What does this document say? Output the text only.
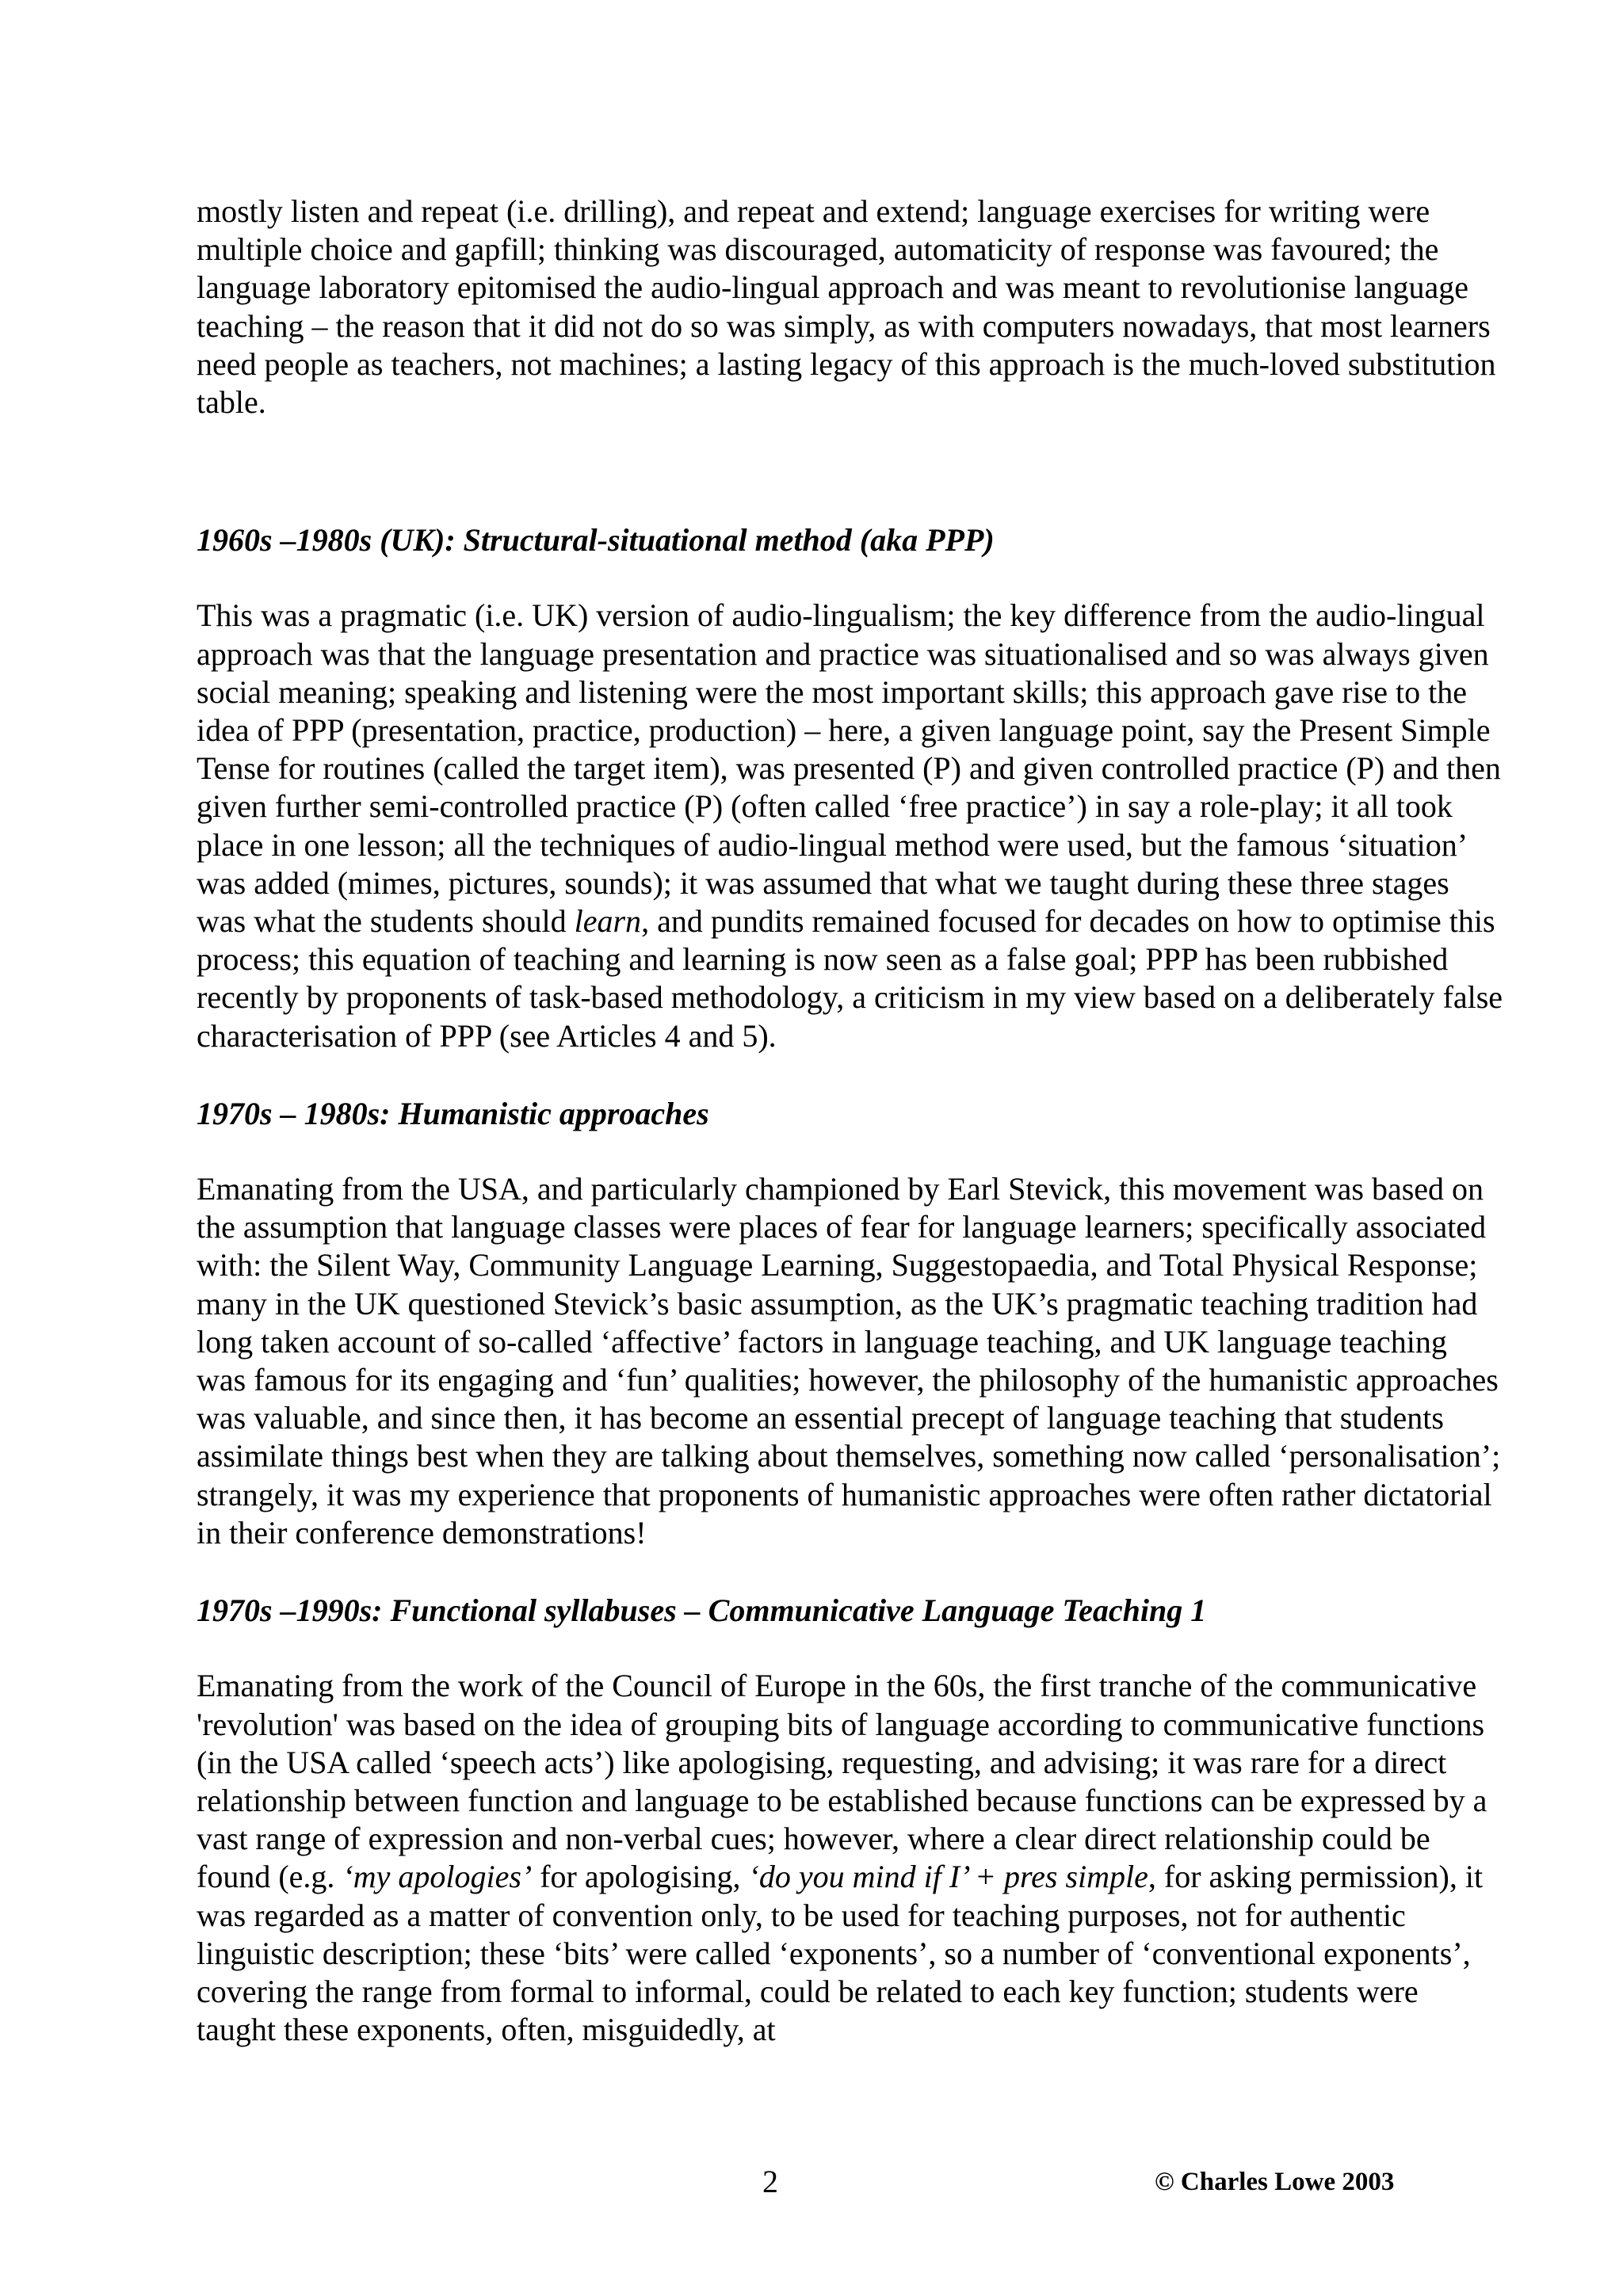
mostly listen and repeat (i.e. drilling), and repeat and extend; language exercises for writing were multiple choice and gapfill; thinking was discouraged, automaticity of response was favoured; the language laboratory epitomised the audio-lingual approach and was meant to revolutionise language teaching – the reason that it did not do so was simply, as with computers nowadays, that most learners need people as teachers, not machines; a lasting legacy of this approach is the much-loved substitution table.

1960s –1980s (UK): Structural-situational method (aka PPP)

This was a pragmatic (i.e. UK) version of audio-lingualism; the key difference from the audio-lingual approach was that the language presentation and practice was situationalised and so was always given social meaning; speaking and listening were the most important skills; this approach gave rise to the idea of PPP (presentation, practice, production) – here, a given language point, say the Present Simple Tense for routines (called the target item), was presented (P) and given controlled practice (P) and then given further semi-controlled practice (P) (often called ‘free practice’) in say a role-play; it all took place in one lesson; all the techniques of audio-lingual method were used, but the famous ‘situation’ was added (mimes, pictures, sounds); it was assumed that what we taught during these three stages was what the students should learn, and pundits remained focused for decades on how to optimise this process; this equation of teaching and learning is now seen as a false goal; PPP has been rubbished recently by proponents of task-based methodology, a criticism in my view based on a deliberately false characterisation of PPP (see Articles 4 and 5).

1970s – 1980s: Humanistic approaches

Emanating from the USA, and particularly championed by Earl Stevick, this movement was based on the assumption that language classes were places of fear for language learners; specifically associated with: the Silent Way, Community Language Learning, Suggestopaedia, and Total Physical Response; many in the UK questioned Stevick’s basic assumption, as the UK’s pragmatic teaching tradition had long taken account of so-called ‘affective’ factors in language teaching, and UK language teaching was famous for its engaging and ‘fun’ qualities; however, the philosophy of the humanistic approaches was valuable, and since then, it has become an essential precept of language teaching that students assimilate things best when they are talking about themselves, something now called ‘personalisation’; strangely, it was my experience that proponents of humanistic approaches were often rather dictatorial in their conference demonstrations!

1970s –1990s: Functional syllabuses – Communicative Language Teaching 1

Emanating from the work of the Council of Europe in the 60s, the first tranche of the communicative 'revolution' was based on the idea of grouping bits of language according to communicative functions (in the USA called ‘speech acts’) like apologising, requesting, and advising; it was rare for a direct relationship between function and language to be established because functions can be expressed by a vast range of expression and non-verbal cues; however, where a clear direct relationship could be found (e.g. ‘my apologies’ for apologising, ‘do you mind if I’ + pres simple, for asking permission), it was regarded as a matter of convention only, to be used for teaching purposes, not for authentic linguistic description; these ‘bits’ were called ‘exponents’, so a number of ‘conventional exponents’, covering the range from formal to informal, could be related to each key function; students were taught these exponents, often, misguidedly, at

2	© Charles Lowe 2003
